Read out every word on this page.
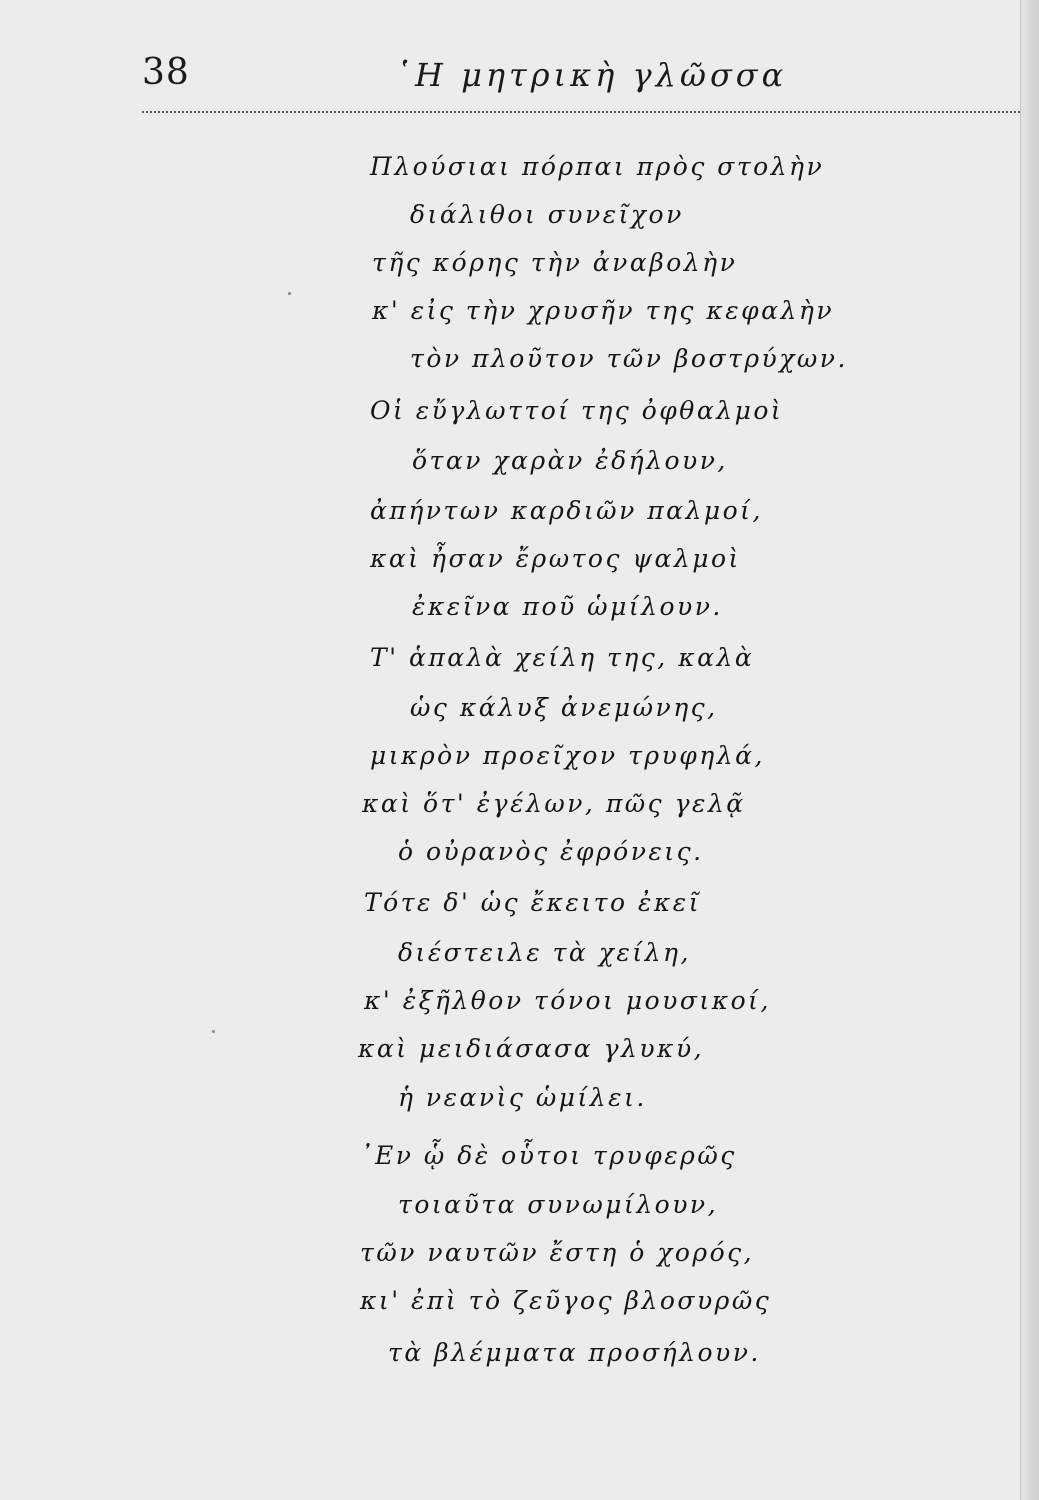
38	῾Η μητρικὴ γλῶσσα
Πλούσιαι πόρπαι πρὸς στολὴν
διάλιθοι συνεῖχον
τῆς κόρης τὴν ἀναβολὴν
κ' εἰς τὴν χρυσῆν της κεφαλὴν
τὸν πλοῦτον τῶν βοστρύχων.
Οἱ εὔγλωττοί της ὀφθαλμοὶ
ὅταν χαρὰν ἐδήλουν,
ἀπήντων καρδιῶν παλμοί,
καὶ ἦσαν ἔρωτος ψαλμοὶ
ἐκεῖνα ποῦ ὡμίλουν.
Τ' ἁπαλὰ χείλη της, καλὰ
ὡς κάλυξ ἀνεμώνης,
μικρὸν προεῖχον τρυφηλά,
καὶ ὅτ' ἐγέλων, πῶς γελᾷ
ὁ οὐρανὸς ἐφρόνεις.
Τότε δ' ὡς ἔκειτο ἐκεῖ
διέστειλε τὰ χείλη,
κ' ἐξῆλθον τόνοι μουσικοί,
καὶ μειδιάσασα γλυκύ,
ἡ νεανὶς ὡμίλει.
᾿Εν ᾧ δὲ οὗτοι τρυφερῶς
τοιαῦτα συνωμίλουν,
τῶν ναυτῶν ἔστη ὁ χορός,
κι' ἐπὶ τὸ ζεῦγος βλοσυρῶς
τὰ βλέμματα προσήλουν.
